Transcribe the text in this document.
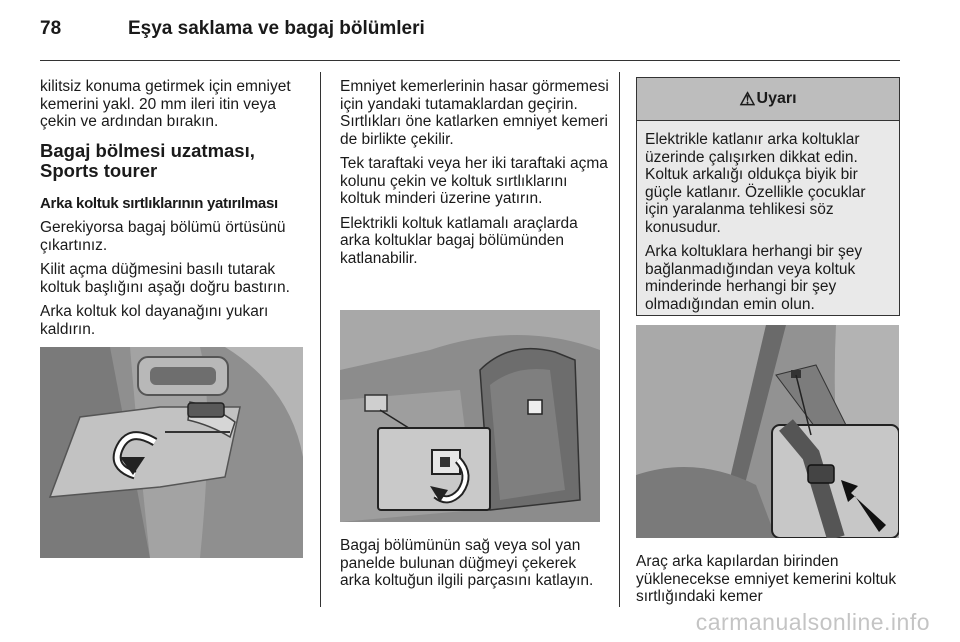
78	Eşya saklama ve bagaj bölümleri

kilitsiz konuma getirmek için emniyet kemerini yakl. 20 mm ileri itin veya çekin ve ardından bırakın.

Bagaj bölmesi uzatması, Sports tourer

Arka koltuk sırtlıklarının yatırılması

Gerekiyorsa bagaj bölümü örtüsünü çıkartınız.

Kilit açma düğmesini basılı tutarak koltuk başlığını aşağı doğru bastırın.

Arka koltuk kol dayanağını yukarı kaldırın.

Emniyet kemerlerinin hasar görmemesi için yandaki tutamaklardan geçirin. Sırtlıkları öne katlarken emniyet kemeri de birlikte çekilir.

Tek taraftaki veya her iki taraftaki açma kolunu çekin ve koltuk sırtlıklarını koltuk minderi üzerine yatırın.

Elektrikli koltuk katlamalı araçlarda arka koltuklar bagaj bölümünden katlanabilir.

Bagaj bölümünün sağ veya sol yan panelde bulunan düğmeyi çekerek arka koltuğun ilgili parçasını katlayın.

⚠ Uyarı

Elektrikle katlanır arka koltuklar üzerinde çalışırken dikkat edin. Koltuk arkalığı oldukça biyik bir güçle katlanır. Özellikle çocuklar için yaralanma tehlikesi söz konusudur.

Arka koltuklara herhangi bir şey bağlanmadığından veya koltuk minderinde herhangi bir şey olmadığından emin olun.

Araç arka kapılardan birinden yüklenecekse emniyet kemerini koltuk sırtlığındaki kemer

carmanualsonline.info
